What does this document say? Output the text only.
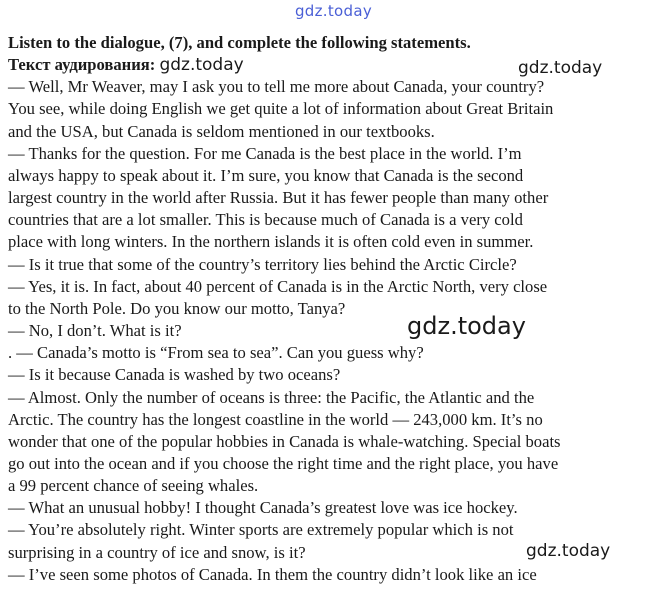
gdz.today

Listen to the dialogue, (7), and complete the following statements.

Текст аудирования: gdz.today

— Well, Mr Weaver, may I ask you to tell me more about Canada, your country?

You see, while doing English we get quite a lot of information about Great Britain

and the USA, but Canada is seldom mentioned in our textbooks.

— Thanks for the question. For me Canada is the best place in the world. I’m

always happy to speak about it. I’m sure, you know that Canada is the second

largest country in the world after Russia. But it has fewer people than many other

countries that are a lot smaller. This is because much of Canada is a very cold

place with long winters. In the northern islands it is often cold even in summer.

— Is it true that some of the country’s territory lies behind the Arctic Circle?

— Yes, it is. In fact, about 40 percent of Canada is in the Arctic North, very close

to the North Pole. Do you know our motto, Tanya?

— No, I don’t. What is it?

. — Canada’s motto is “From sea to sea”. Can you guess why?

— Is it because Canada is washed by two oceans?

— Almost. Only the number of oceans is three: the Pacific, the Atlantic and the

Arctic. The country has the longest coastline in the world — 243,000 km. It’s no

wonder that one of the popular hobbies in Canada is whale-watching. Special boats

go out into the ocean and if you choose the right time and the right place, you have

a 99 percent chance of seeing whales.

— What an unusual hobby! I thought Canada’s greatest love was ice hockey.

— You’re absolutely right. Winter sports are extremely popular which is not

surprising in a country of ice and snow, is it?

— I’ve seen some photos of Canada. In them the country didn’t look like an ice

gdz.today
gdz.today
gdz.today
